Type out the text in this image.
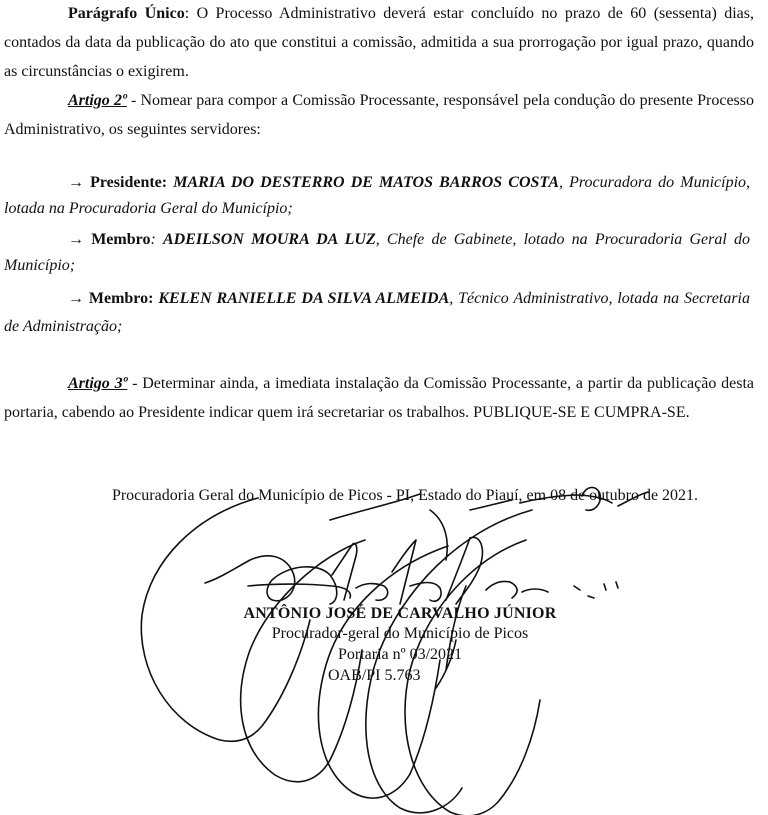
Parágrafo Único: O Processo Administrativo deverá estar concluído no prazo de 60 (sessenta) dias, contados da data da publicação do ato que constitui a comissão, admitida a sua prorrogação por igual prazo, quando as circunstâncias o exigirem.

Artigo 2º - Nomear para compor a Comissão Processante, responsável pela condução do presente Processo Administrativo, os seguintes servidores:

→ Presidente: MARIA DO DESTERRO DE MATOS BARROS COSTA, Procuradora do Município, lotada na Procuradoria Geral do Município;

→ Membro: ADEILSON MOURA DA LUZ, Chefe de Gabinete, lotado na Procuradoria Geral do Município;

→ Membro: KELEN RANIELLE DA SILVA ALMEIDA, Técnico Administrativo, lotada na Secretaria de Administração;

Artigo 3º - Determinar ainda, a imediata instalação da Comissão Processante, a partir da publicação desta portaria, cabendo ao Presidente indicar quem irá secretariar os trabalhos. PUBLIQUE-SE E CUMPRA-SE.

Procuradoria Geral do Município de Picos - PI, Estado do Piauí, em 08 de outubro de 2021.
ANTÔNIO JOSÉ DE CARVALHO JÚNIOR
Procurador-geral do Município de Picos
Portaria nº 03/2021
OAB/PI 5.763
